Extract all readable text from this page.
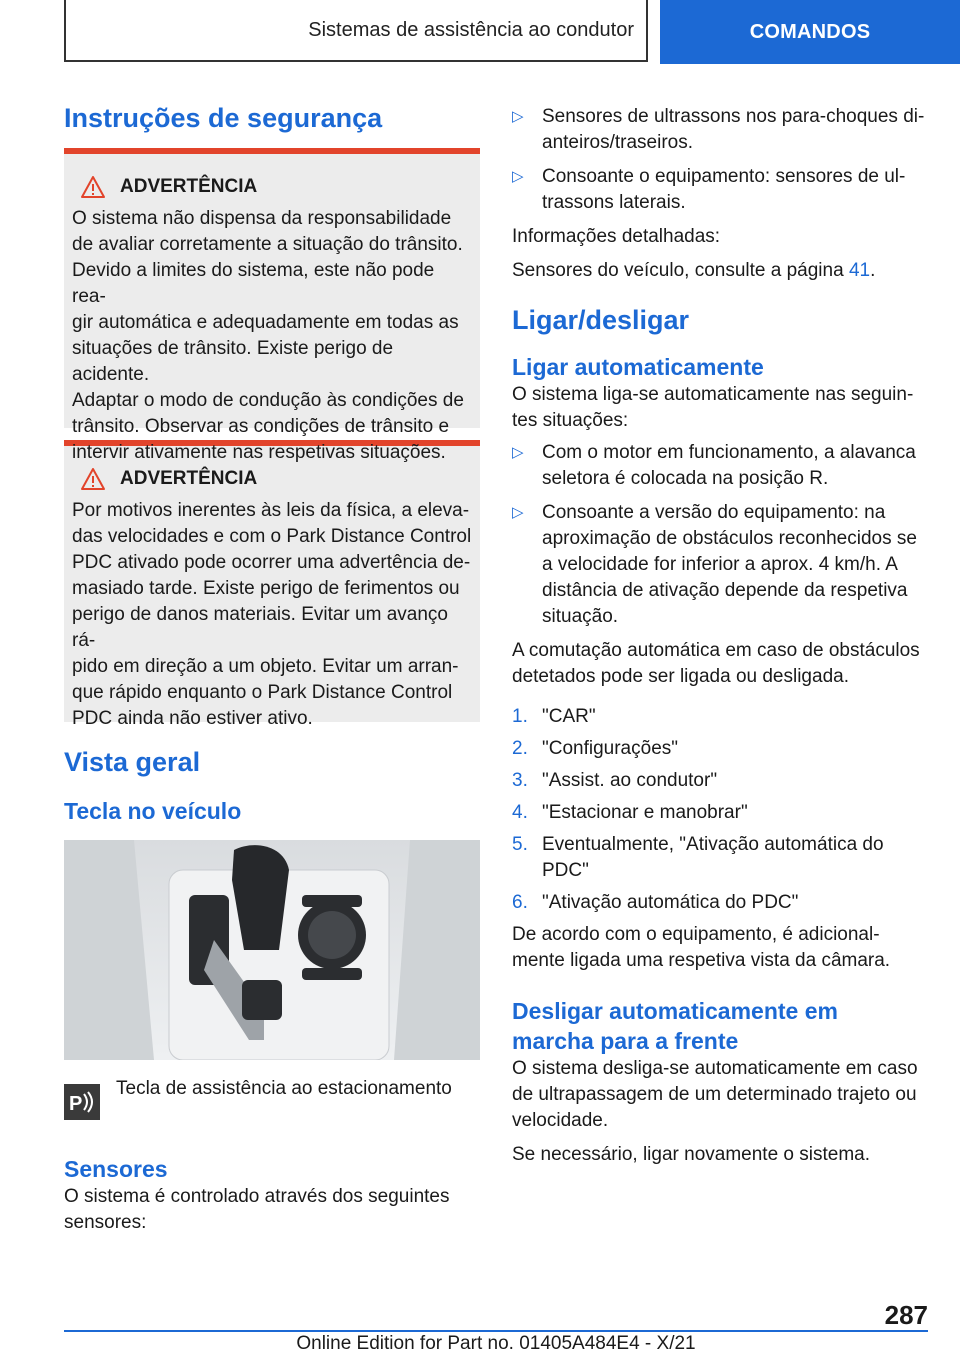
Sistemas de assistência ao condutor	COMANDOS
Instruções de segurança
ADVERTÊNCIA
O sistema não dispensa da responsabilidade
de avaliar corretamente a situação do trânsito.
Devido a limites do sistema, este não pode rea-
gir automática e adequadamente em todas as
situações de trânsito. Existe perigo de acidente.
Adaptar o modo de condução às condições de
trânsito. Observar as condições de trânsito e
intervir ativamente nas respetivas situações.
ADVERTÊNCIA
Por motivos inerentes às leis da física, a eleva-
das velocidades e com o Park Distance Control
PDC ativado pode ocorrer uma advertência de-
masiado tarde. Existe perigo de ferimentos ou
perigo de danos materiais. Evitar um avanço rá-
pido em direção a um objeto. Evitar um arran-
que rápido enquanto o Park Distance Control
PDC ainda não estiver ativo.
Vista geral
Tecla no veículo
P
Tecla de assistência ao estacionamento
Sensores

O sistema é controlado através dos seguintes
sensores:

▷ Sensores de ultrassons nos para-choques di-
anteiros/traseiros.
▷ Consoante o equipamento: sensores de ul-
trassons laterais.

Informações detalhadas:

Sensores do veículo, consulte a página 41.

Ligar/desligar
Ligar automaticamente

O sistema liga-se automaticamente nas seguin-
tes situações:

▷ Com o motor em funcionamento, a alavanca
seletora é colocada na posição R.
▷ Consoante a versão do equipamento: na
aproximação de obstáculos reconhecidos se
a velocidade for inferior a aprox. 4 km/h. A
distância de ativação depende da respetiva
situação.

A comutação automática em caso de obstáculos
detetados pode ser ligada ou desligada.

1. "CAR"
2. "Configurações"
3. "Assist. ao condutor"
4. "Estacionar e manobrar"
5. Eventualmente, "Ativação automática do
PDC"
6. "Ativação automática do PDC"

De acordo com o equipamento, é adicional-
mente ligada uma respetiva vista da câmara.

Desligar automaticamente em
marcha para a frente

O sistema desliga-se automaticamente em caso
de ultrapassagem de um determinado trajeto ou
velocidade.

Se necessário, ligar novamente o sistema.

287
Online Edition for Part no. 01405A484E4 - X/21
